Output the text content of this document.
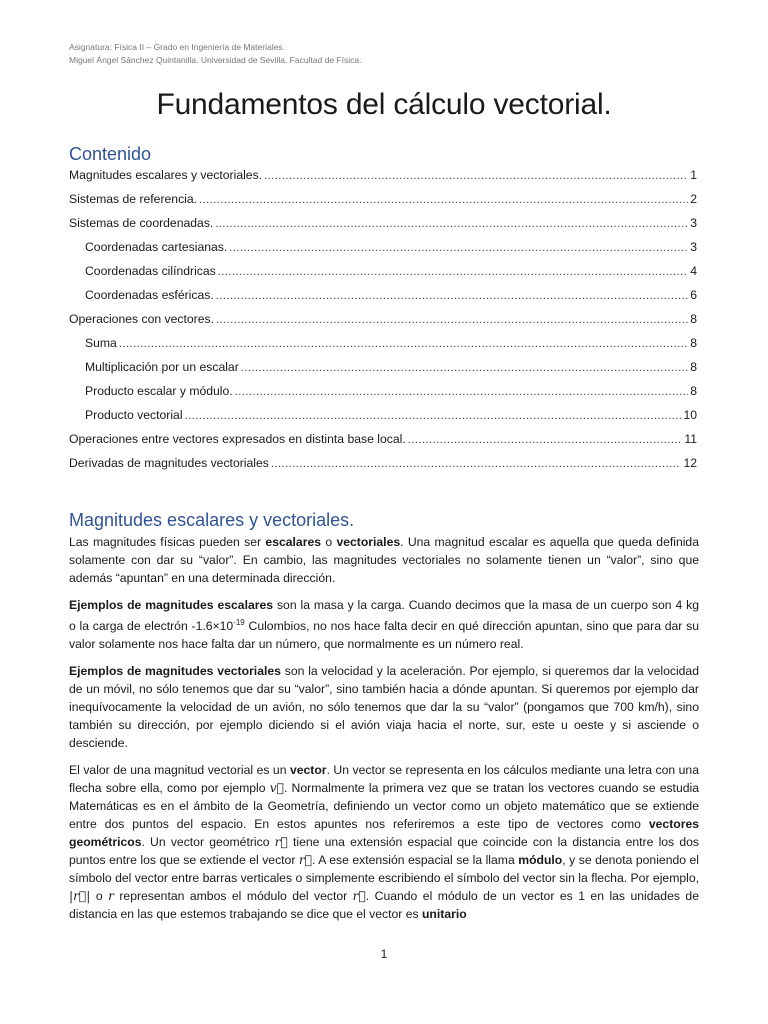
Asignatura: Física II – Grado en Ingeniería de Materiales.
Miguel Ángel Sánchez Quintanilla. Universidad de Sevilla. Facultad de Física.
Fundamentos del cálculo vectorial.
Contenido
Magnitudes escalares y vectoriales. .....	1
Sistemas de referencia. .....	2
Sistemas de coordenadas. .....	3
Coordenadas cartesianas. .....	3
Coordenadas cilíndricas .....	4
Coordenadas esféricas. .....	6
Operaciones con vectores. .....	8
Suma .....	8
Multiplicación por un escalar .....	8
Producto escalar y módulo. .....	8
Producto vectorial .....	10
Operaciones entre vectores expresados en distinta base local. .....	11
Derivadas de magnitudes vectoriales .....	12
Magnitudes escalares y vectoriales.

Las magnitudes físicas pueden ser escalares o vectoriales. Una magnitud escalar es aquella que queda definida solamente con dar su “valor”. En cambio, las magnitudes vectoriales no solamente tienen un “valor”, sino que además “apuntan” en una determinada dirección.

Ejemplos de magnitudes escalares son la masa y la carga. Cuando decimos que la masa de un cuerpo son 4 kg o la carga de electrón $-1.6\times 10^{-19}$ Culombios, no nos hace falta decir en qué dirección apuntan, sino que para dar su valor solamente nos hace falta dar un número, que normalmente es un número real.

Ejemplos de magnitudes vectoriales son la velocidad y la aceleración. Por ejemplo, si queremos dar la velocidad de un móvil, no sólo tenemos que dar su “valor”, sino también hacia a dónde apuntan. Si queremos por ejemplo dar inequívocamente la velocidad de un avión, no sólo tenemos que dar la su “valor” (pongamos que 700 km/h), sino también su dirección, por ejemplo diciendo si el avión viaja hacia el norte, sur, este u oeste y si asciende o desciende.

El valor de una magnitud vectorial es un vector. Un vector se representa en los cálculos mediante una letra con una flecha sobre ella, como por ejemplo v⃗. Normalmente la primera vez que se tratan los vectores cuando se estudia Matemáticas es en el ámbito de la Geometría, definiendo un vector como un objeto matemático que se extiende entre dos puntos del espacio. En estos apuntes nos referiremos a este tipo de vectores como vectores geométricos. Un vector geométrico r⃗ tiene una extensión espacial que coincide con la distancia entre los dos puntos entre los que se extiende el vector r⃗. A ese extensión espacial se la llama módulo, y se denota poniendo el símbolo del vector entre barras verticales o simplemente escribiendo el símbolo del vector sin la flecha. Por ejemplo, |r⃗| o r representan ambos el módulo del vector r⃗. Cuando el módulo de un vector es 1 en las unidades de distancia en las que estemos trabajando se dice que el vector es unitario

1
